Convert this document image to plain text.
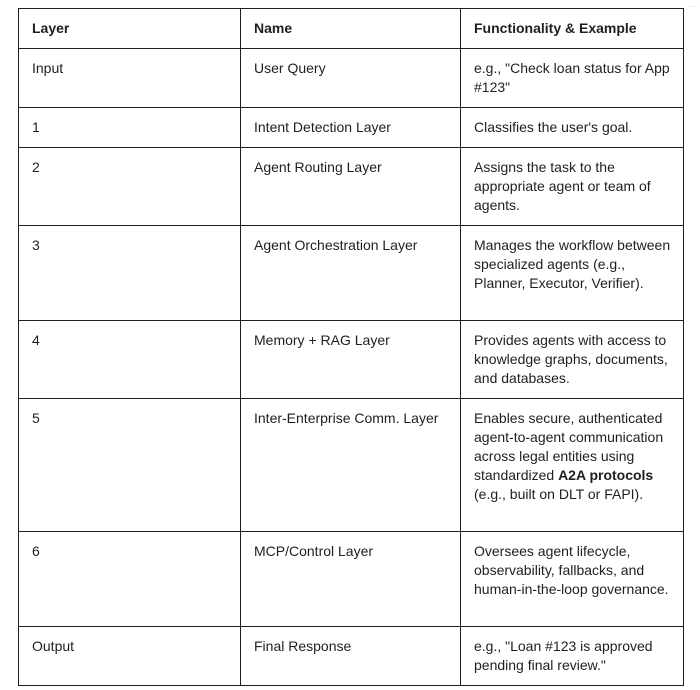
...
Layer	Name	Functionality & Example
Input	User Query	e.g., "Check loan status for App #123"
1	Intent Detection Layer	Classifies the user's goal.
2	Agent Routing Layer	Assigns the task to the appropriate agent or team of agents.
3	Agent Orchestration Layer	Manages the workflow between specialized agents (e.g., Planner, Executor, Verifier).
4	Memory + RAG Layer	Provides agents with access to knowledge graphs, documents, and databases.
5	Inter-Enterprise Comm. Layer	Enables secure, authenticated agent-to-agent communication across legal entities using standardized A2A protocols (e.g., built on DLT or FAPI).
6	MCP/Control Layer	Oversees agent lifecycle, observability, fallbacks, and human-in-the-loop governance.
Output	Final Response	e.g., "Loan #123 is approved pending final review."
